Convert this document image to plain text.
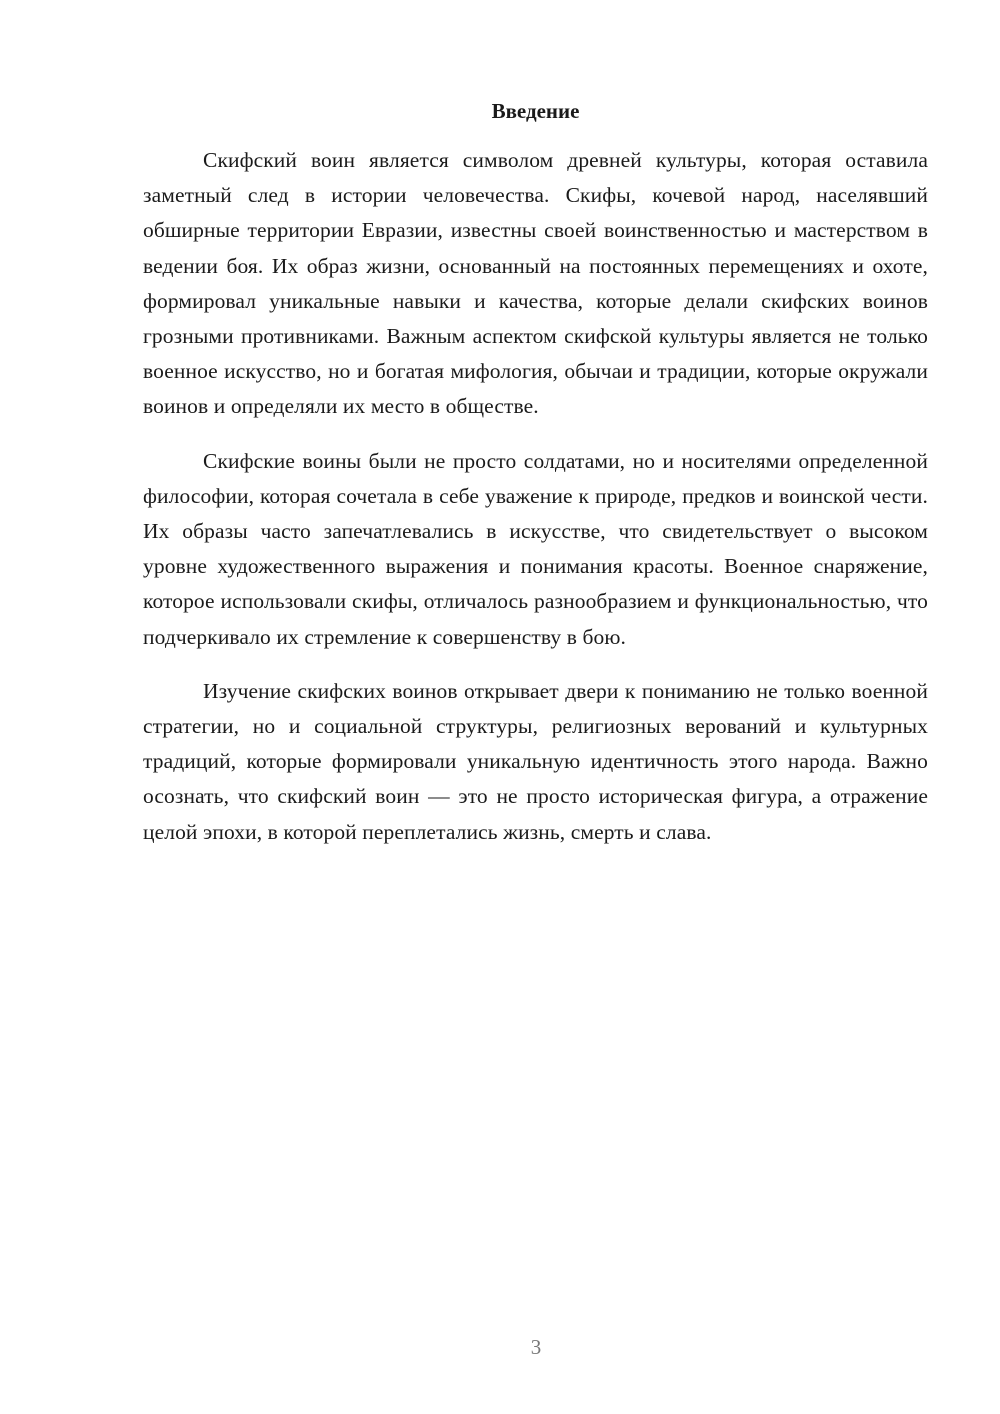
Введение

Скифский воин является символом древней культуры, которая оставила заметный след в истории человечества. Скифы, кочевой народ, населявший обширные территории Евразии, известны своей воинственностью и мастерством в ведении боя. Их образ жизни, основанный на постоянных перемещениях и охоте, формировал уникальные навыки и качества, которые делали скифских воинов грозными противниками. Важным аспектом скифской культуры является не только военное искусство, но и богатая мифология, обычаи и традиции, которые окружали воинов и определяли их место в обществе.

Скифские воины были не просто солдатами, но и носителями определенной философии, которая сочетала в себе уважение к природе, предков и воинской чести. Их образы часто запечатлевались в искусстве, что свидетельствует о высоком уровне художественного выражения и понимания красоты. Военное снаряжение, которое использовали скифы, отличалось разнообразием и функциональностью, что подчеркивало их стремление к совершенству в бою.

Изучение скифских воинов открывает двери к пониманию не только военной стратегии, но и социальной структуры, религиозных верований и культурных традиций, которые формировали уникальную идентичность этого народа. Важно осознать, что скифский воин — это не просто историческая фигура, а отражение целой эпохи, в которой переплетались жизнь, смерть и слава.

3
